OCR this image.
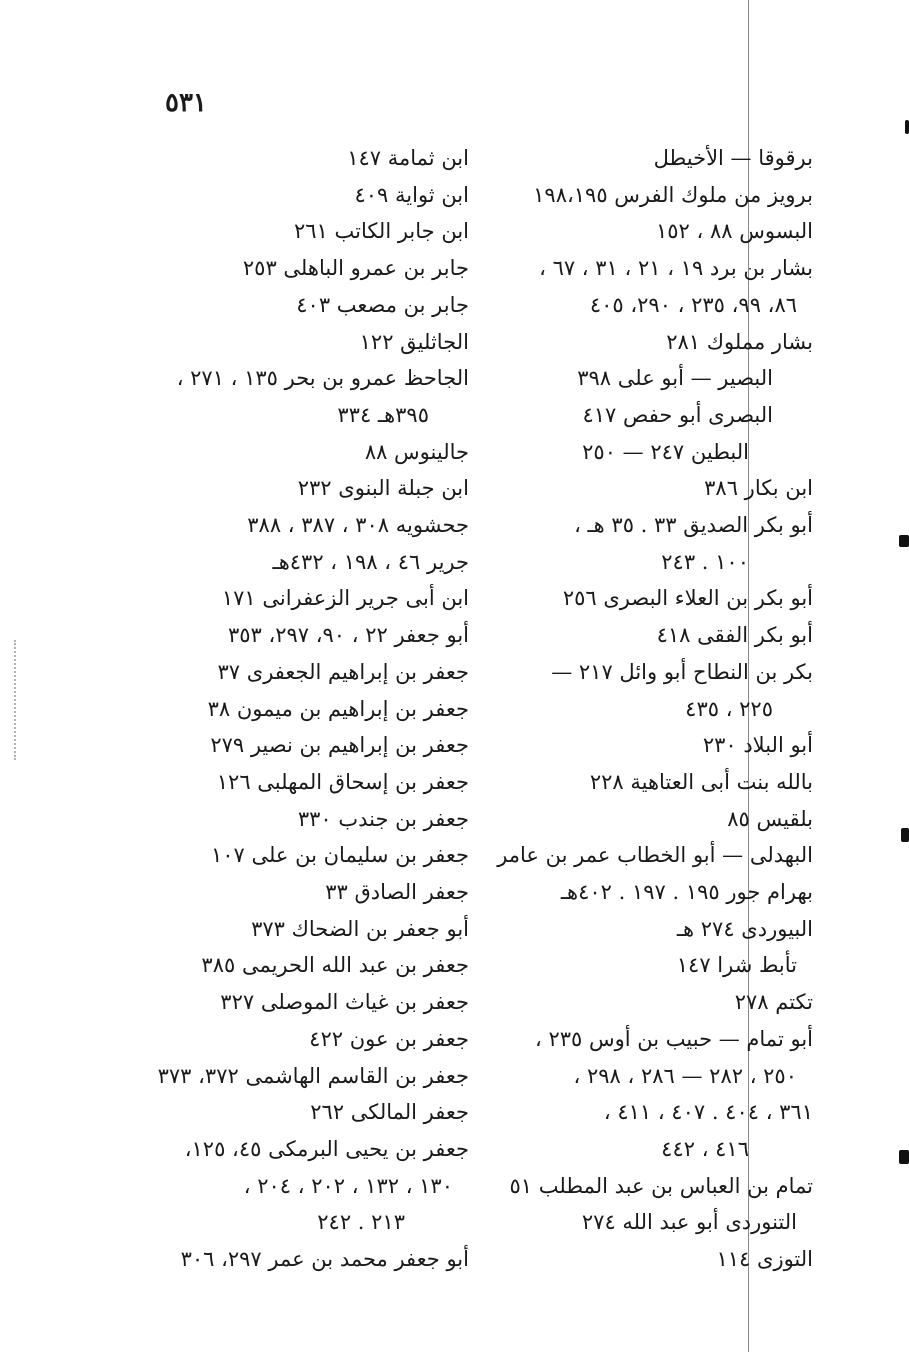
٥٣١
برقوقا — الأخيطل
برويز من ملوك الفرس ١٩٨،١٩٥
البسوس ٨٨ ، ١٥٢
بشار بن برد ١٩ ، ٢١ ، ٣١ ، ٦٧ ،
٨٦، ٩٩، ٢٣٥ ، ٢٩٠، ٤٠٥
بشار مملوك ٢٨١
البصير — أبو على ٣٩٨
البصرى أبو حفص ٤١٧
البطين ٢٤٧ — ٢٥٠
ابن بكار ٣٨٦
أبو بكر الصديق ٣٣ . ٣٥ هـ ،
١٠٠ . ٢٤٣
أبو بكر بن العلاء البصرى ٢٥٦
أبو بكر الفقى ٤١٨
بكر بن النطاح أبو وائل ٢١٧ —
٢٢٥ ، ٤٣٥
أبو البلاد ٢٣٠
بالله بنت أبى العتاهية ٢٢٨
بلقيس ٨٥
البهدلى — أبو الخطاب عمر بن عامر
بهرام جور ١٩٥ . ١٩٧ . ٤٠٢هـ
البيوردى ٢٧٤ هـ
تأبط شرا ١٤٧
تكتم ٢٧٨
أبو تمام — حبيب بن أوس ٢٣٥ ،
٢٥٠ ، ٢٨٢ — ٢٨٦ ، ٢٩٨ ،
٣٦١ ، ٤٠٤ . ٤٠٧ ، ٤١١ ،
٤١٦ ، ٤٤٢
تمام بن العباس بن عبد المطلب ٥١
التنوردى أبو عبد الله ٢٧٤
التوزى ١١٤
ابن ثمامة ١٤٧
ابن ثواية ٤٠٩
ابن جابر الكاتب ٢٦١
جابر بن عمرو الباهلى ٢٥٣
جابر بن مصعب ٤٠٣
الجاثليق ١٢٢
الجاحظ عمرو بن بحر ١٣٥ ، ٢٧١ ،
٣٩٥هـ ٣٣٤
جالينوس ٨٨
ابن جبلة البنوى ٢٣٢
جحشويه ٣٠٨ ، ٣٨٧ ، ٣٨٨
جرير ٤٦ ، ١٩٨ ، ٤٣٢هـ
ابن أبى جرير الزعفرانى ١٧١
أبو جعفر ٢٢ ، ٩٠، ٢٩٧، ٣٥٣
جعفر بن إبراهيم الجعفرى ٣٧
جعفر بن إبراهيم بن ميمون ٣٨
جعفر بن إبراهيم بن نصير ٢٧٩
جعفر بن إسحاق المهلبى ١٢٦
جعفر بن جندب ٣٣٠
جعفر بن سليمان بن على ١٠٧
جعفر الصادق ٣٣
أبو جعفر بن الضحاك ٣٧٣
جعفر بن عبد الله الحريمى ٣٨٥
جعفر بن غياث الموصلى ٣٢٧
جعفر بن عون ٤٢٢
جعفر بن القاسم الهاشمى ٣٧٢، ٣٧٣
جعفر المالكى ٢٦٢
جعفر بن يحيى البرمكى ٤٥، ١٢٥،
١٣٠ ، ١٣٢ ، ٢٠٢ ، ٢٠٤ ،
٢١٣ . ٢٤٢
أبو جعفر محمد بن عمر ٢٩٧، ٣٠٦
